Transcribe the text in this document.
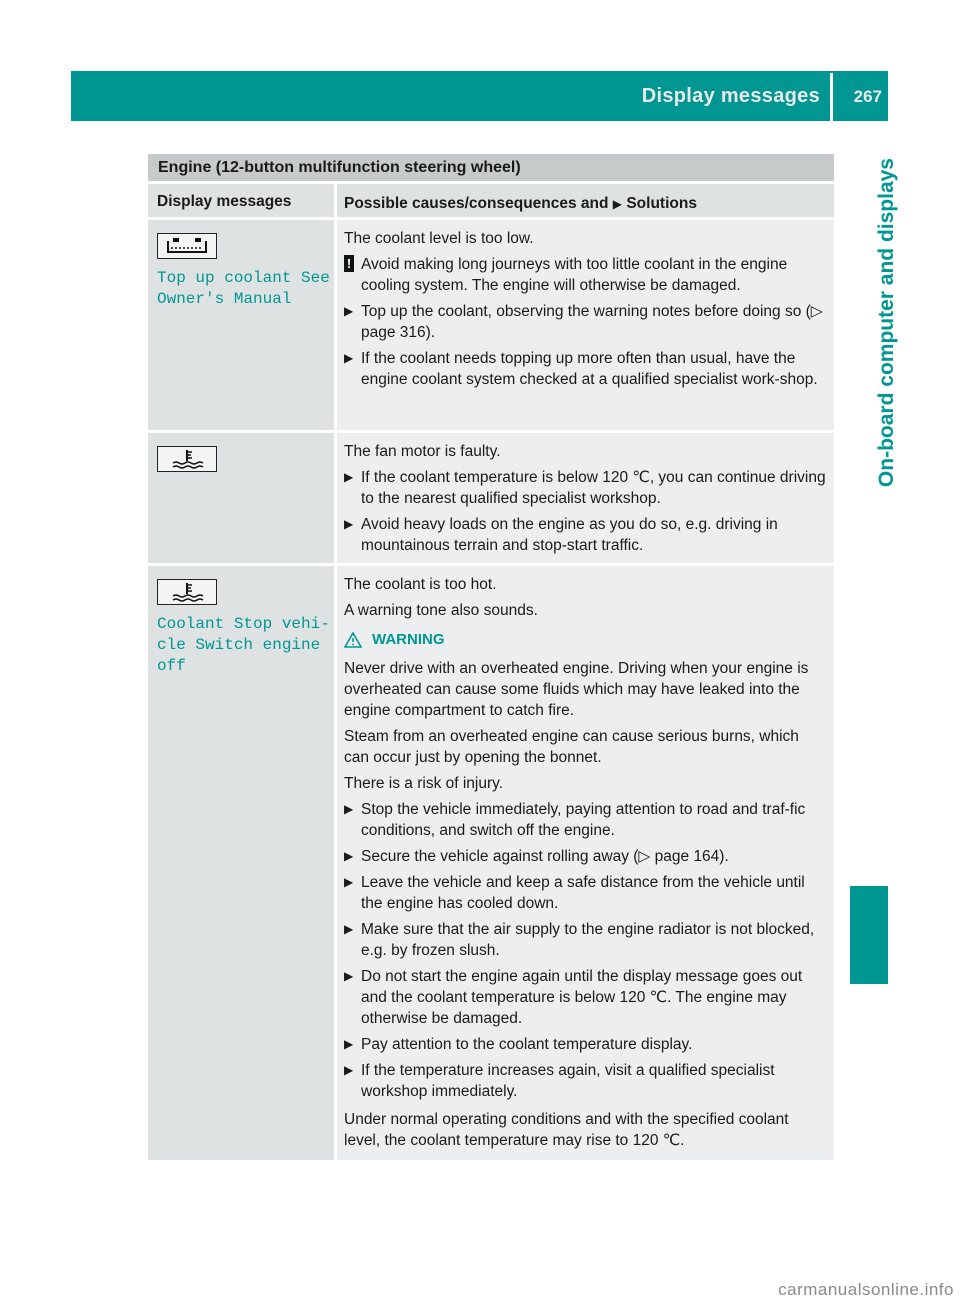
Display messages 267
On-board computer and displays
Engine (12-button multifunction steering wheel)
Display messages	Possible causes/consequences and ▶ Solutions
Top up coolant See
Owner's Manual

The coolant level is too low.

! Avoid making long journeys with too little coolant in the engine cooling system. The engine will otherwise be damaged.
▶ Top up the coolant, observing the warning notes before doing so (▷ page 316).
▶ If the coolant needs topping up more often than usual, have the engine coolant system checked at a qualified specialist work-shop.

The fan motor is faulty.

▶ If the coolant temperature is below 120 ℃, you can continue driving to the nearest qualified specialist workshop.
▶ Avoid heavy loads on the engine as you do so, e.g. driving in mountainous terrain and stop-start traffic.
Coolant Stop vehi‐
cle Switch engine
off

The coolant is too hot.

A warning tone also sounds.

WARNING

Never drive with an overheated engine. Driving when your engine is overheated can cause some fluids which may have leaked into the engine compartment to catch fire.

Steam from an overheated engine can cause serious burns, which can occur just by opening the bonnet.

There is a risk of injury.

▶ Stop the vehicle immediately, paying attention to road and traf-fic conditions, and switch off the engine.
▶ Secure the vehicle against rolling away (▷ page 164).
▶ Leave the vehicle and keep a safe distance from the vehicle until the engine has cooled down.
▶ Make sure that the air supply to the engine radiator is not blocked, e.g. by frozen slush.
▶ Do not start the engine again until the display message goes out and the coolant temperature is below 120 ℃. The engine may otherwise be damaged.
▶ Pay attention to the coolant temperature display.
▶ If the temperature increases again, visit a qualified specialist workshop immediately.

Under normal operating conditions and with the specified coolant level, the coolant temperature may rise to 120 ℃.

carmanualsonline.info
